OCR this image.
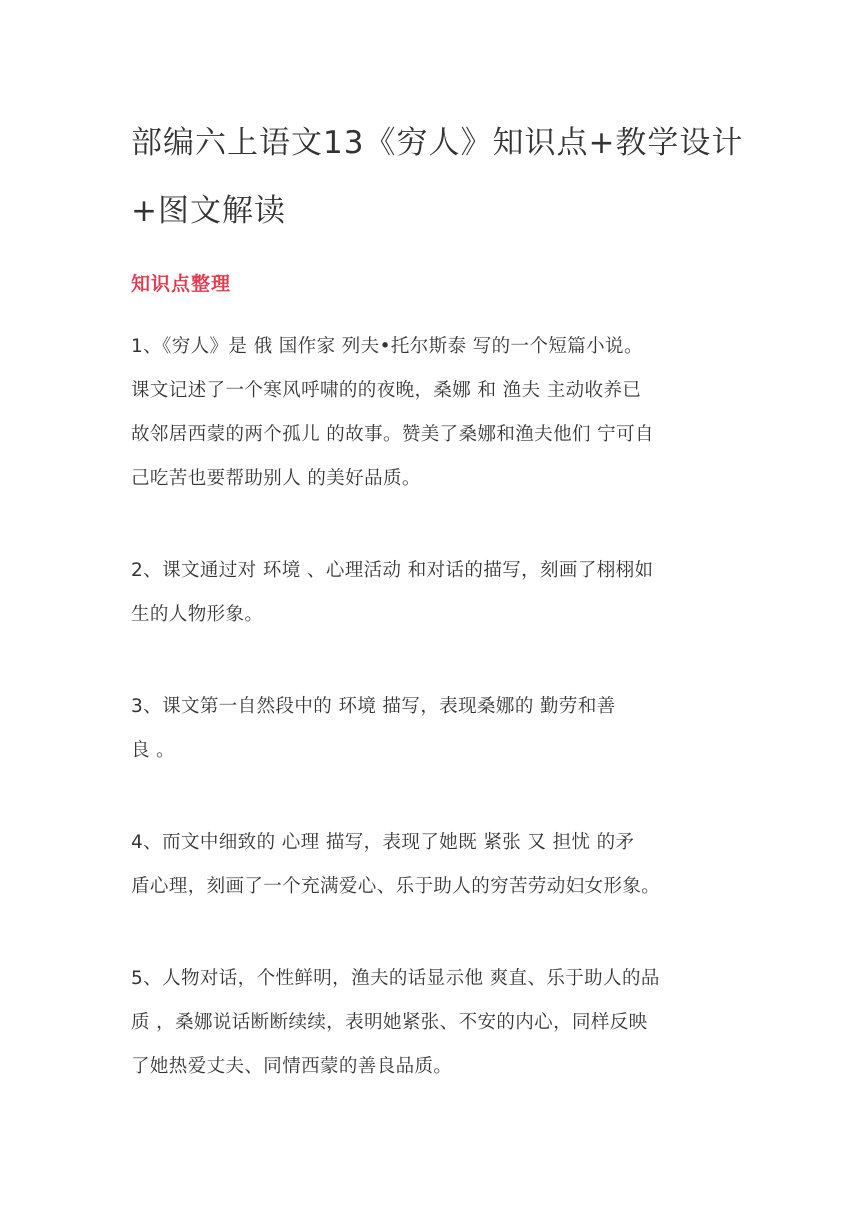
部编六上语文13《穷人》知识点+教学设计
+图文解读
知识点整理

1、《穷人》是 俄 国作家 列夫•托尔斯泰 写的一个短篇小说。

课文记述了一个寒风呼啸的的夜晚，桑娜 和 渔夫 主动收养已

故邻居西蒙的两个孤儿 的故事。赞美了桑娜和渔夫他们 宁可自

己吃苦也要帮助别人 的美好品质。

2、课文通过对 环境 、心理活动 和对话的描写，刻画了栩栩如

生的人物形象。

3、课文第一自然段中的 环境 描写，表现桑娜的 勤劳和善

良 。

4、而文中细致的 心理 描写，表现了她既 紧张 又 担忧 的矛

盾心理，刻画了一个充满爱心、乐于助人的穷苦劳动妇女形象。

5、人物对话，个性鲜明，渔夫的话显示他 爽直、乐于助人的品

质 ，桑娜说话断断续续，表明她紧张、不安的内心，同样反映

了她热爱丈夫、同情西蒙的善良品质。
